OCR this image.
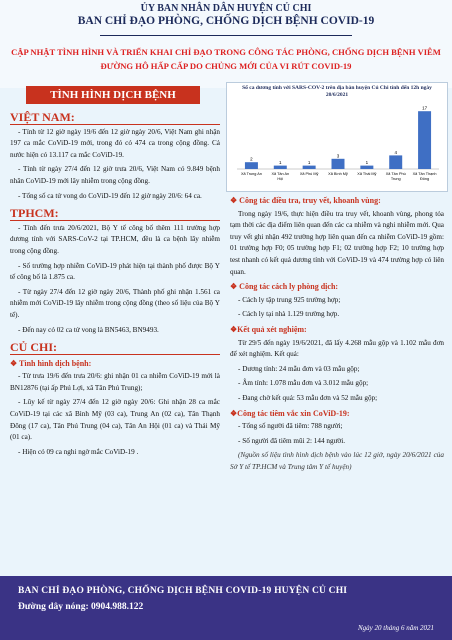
ỦY BAN NHÂN DÂN HUYỆN CỦ CHI
BAN CHỈ ĐẠO PHÒNG, CHỐNG DỊCH BỆNH COVID-19
CẬP NHẬT TÌNH HÌNH VÀ TRIỂN KHAI CHỈ ĐẠO TRONG CÔNG TÁC PHÒNG, CHỐNG DỊCH BỆNH VIÊM ĐƯỜNG HÔ HẤP CẤP DO CHỦNG MỚI CỦA VI RÚT COVID-19
TÌNH HÌNH DỊCH BỆNH
VIỆT NAM:

- Tính từ 12 giờ ngày 19/6 đến 12 giờ ngày 20/6, Việt Nam ghi nhận 197 ca mắc CoViD-19 mới, trong đó có 474 ca trong cộng đồng. Cả nước hiện có 13.117 ca mắc CoViD-19.

- Tính từ ngày 27/4 đến 12 giờ trưa 20/6, Việt Nam có 9.849 bệnh nhân CoViD-19 mới lây nhiễm trong cộng đồng.

- Tổng số ca tử vong do CoViD-19 đến 12 giờ ngày 20/6: 64 ca.

TPHCM:

- Tính đến trưa 20/6/2021, Bộ Y tế công bố thêm 111 trường hợp dương tính với SARS-CoV-2 tại TP.HCM, đều là ca bệnh lây nhiễm trong cộng đồng.

- Số trường hợp nhiễm CoViD-19 phát hiện tại thành phố được Bộ Y tế công bố là 1.875 ca.

- Từ ngày 27/4 đến 12 giờ ngày 20/6, Thành phố ghi nhận 1.561 ca nhiễm mới CoViD-19 lây nhiễm trong cộng đồng (theo số liệu của Bộ Y tế).

- Đến nay có 02 ca tử vong là BN5463, BN9493.

CỦ CHI:
❖ Tình hình dịch bệnh:

- Từ trưa 19/6 đến trưa 20/6: ghi nhận 01 ca nhiễm CoViD-19 mới là BN12876 (tại ấp Phú Lợi, xã Tân Phú Trung);

- Lũy kế từ ngày 27/4 đến 12 giờ ngày 20/6: Ghi nhận 28 ca mắc CoViD-19 tại các xã Bình Mỹ (03 ca), Trung An (02 ca), Tân Thạnh Đông (17 ca), Tân Phú Trung (04 ca), Tân An Hội (01 ca) và Thái Mỹ (01 ca).

- Hiện có 09 ca nghi ngờ mắc CoViD-19 .

Số ca dương tính với SARS-COV-2 trên địa bàn huyện Củ Chi tính đến 12h ngày 20/6/2021
2
Xã Trung An
1
Xã Tân An
Hội
1
Xã Phú Mỹ
3
Xã Bình Mỹ
1
Xã Thái Mỹ
4
Xã Tân Phú
Trung
17
Xã Tân Thạnh
Đông
❖ Công tác điều tra, truy vết, khoanh vùng:

Trong ngày 19/6, thực hiện điều tra truy vết, khoanh vùng, phong tỏa tạm thời các địa điểm liên quan đến các ca nhiễm và nghi nhiễm mới. Qua truy vết ghi nhận 492 trường hợp liên quan đến ca nhiễm CoViD-19 gồm: 01 trường hợp F0; 05 trường hợp F1; 02 trường hợp F2; 10 trường hợp test nhanh có kết quả dương tính với CoViD-19 và 474 trường hợp có liên quan.

❖ Công tác cách ly phòng dịch:

- Cách ly tập trung 925 trường hợp;

- Cách ly tại nhà 1.129 trường hợp.

❖Kết quả xét nghiệm:

Từ 29/5 đến ngày 19/6/2021, đã lấy 4.268 mẫu gộp và 1.102 mẫu đơn để xét nghiệm. Kết quả:

- Dương tính: 24 mẫu đơn và 03 mẫu gộp;

- Âm tính: 1.078 mẫu đơn và 3.012 mẫu gộp;

- Đang chờ kết quả: 53 mẫu đơn và 52 mẫu gộp;

❖Công tác tiêm vắc xin CoViD-19:

- Tổng số người đã tiêm: 788 người;

- Số người đã tiêm mũi 2: 144 người.

(Nguồn số liệu tình hình dịch bệnh vào lúc 12 giờ, ngày 20/6/2021 của Sở Y tế TP.HCM và Trung tâm Y tế huyện)

BAN CHỈ ĐẠO PHÒNG, CHỐNG DỊCH BỆNH COVID-19 HUYỆN CỦ CHI
Đường dây nóng: 0904.988.122
Ngày 20 tháng 6 năm 2021
